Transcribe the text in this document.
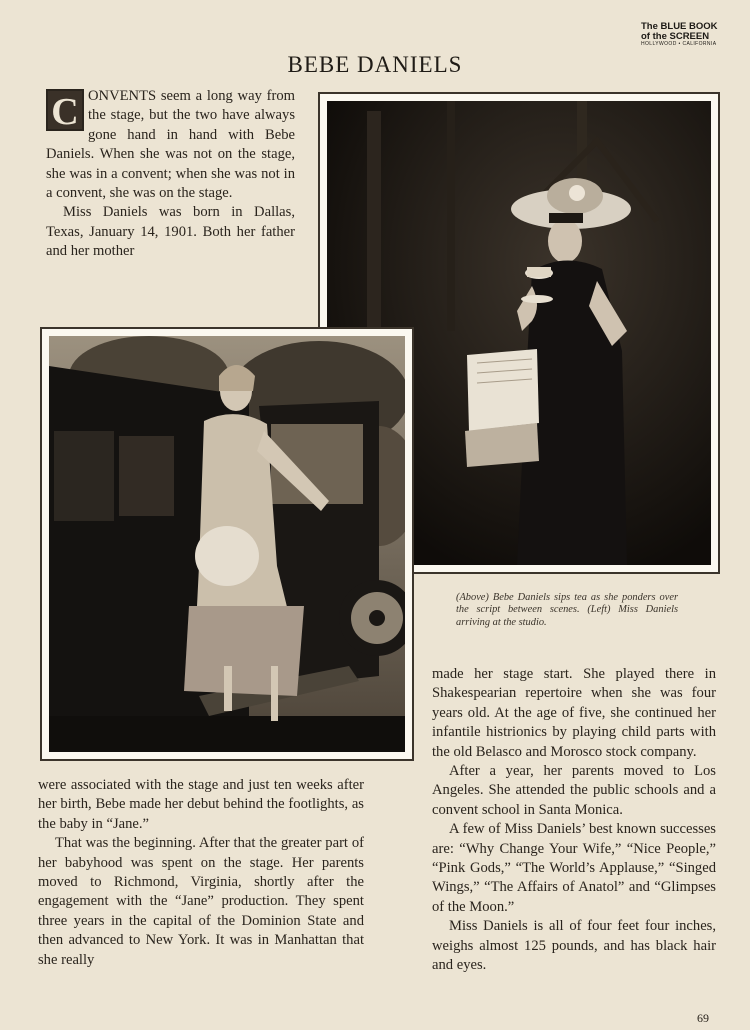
The BLUE BOOK
of the SCREEN
HOLLYWOOD • CALIFORNIA
BEBE DANIELS

C ONVENTS seem a long way from the stage, but the two have always gone hand in hand with Bebe Daniels. When she was not on the stage, she was in a convent; when she was not in a convent, she was on the stage.

Miss Daniels was born in Dallas, Texas, January 14, 1901. Both her father and her mother

(Above) Bebe Daniels sips tea as she ponders over the script between scenes. (Left) Miss Daniels arriving at the studio.

were associated with the stage and just ten weeks after her birth, Bebe made her debut behind the footlights, as the baby in “Jane.”

That was the beginning. After that the greater part of her babyhood was spent on the stage. Her parents moved to Richmond, Virginia, shortly after the engagement with the “Jane” production. They spent three years in the capital of the Dominion State and then advanced to New York. It was in Manhattan that she really

made her stage start. She played there in Shakespearian repertoire when she was four years old. At the age of five, she continued her infantile histrionics by playing child parts with the old Belasco and Morosco stock company.

After a year, her parents moved to Los Angeles. She attended the public schools and a convent school in Santa Monica.

A few of Miss Daniels’ best known successes are: “Why Change Your Wife,” “Nice People,” “Pink Gods,” “The World’s Applause,” “Singed Wings,” “The Affairs of Anatol” and “Glimpses of the Moon.”

Miss Daniels is all of four feet four inches, weighs almost 125 pounds, and has black hair and eyes.

69
